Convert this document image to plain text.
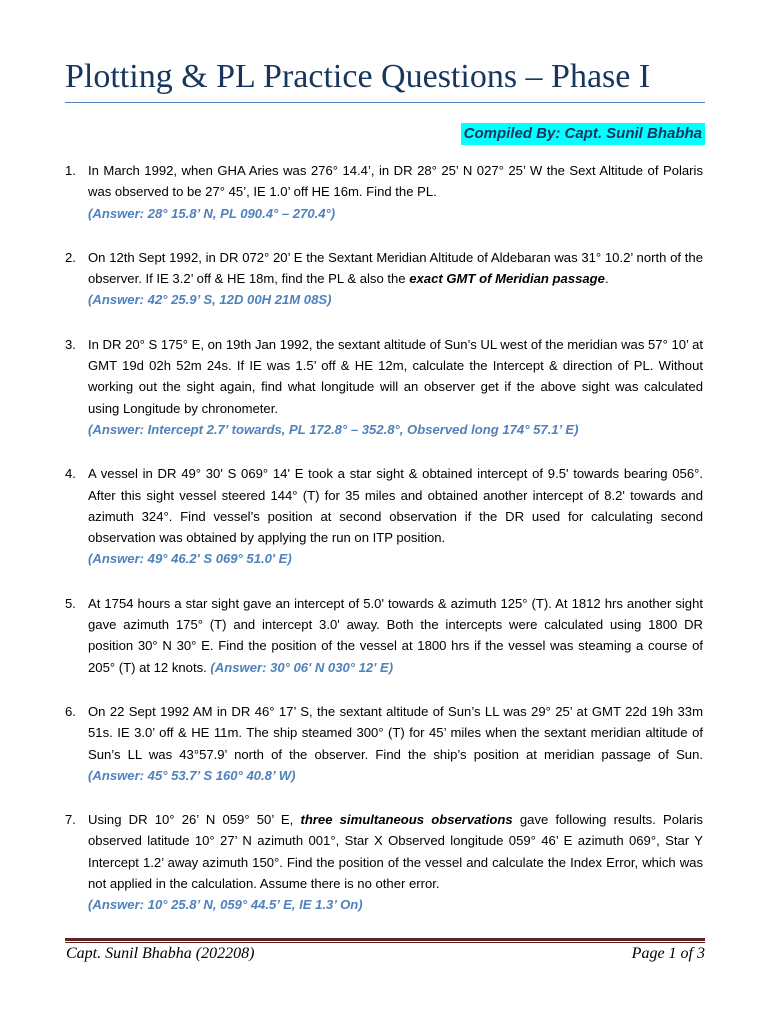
Plotting & PL Practice Questions – Phase I
Compiled By: Capt. Sunil Bhabha
1. In March 1992, when GHA Aries was 276° 14.4’, in DR 28° 25’ N 027° 25’ W the Sext Altitude of Polaris was observed to be 27° 45’, IE 1.0’ off HE 16m. Find the PL.
(Answer: 28° 15.8’ N, PL 090.4° – 270.4°)
2. On 12th Sept 1992, in DR 072° 20’ E the Sextant Meridian Altitude of Aldebaran was 31° 10.2’ north of the observer. If IE 3.2’ off & HE 18m, find the PL & also the exact GMT of Meridian passage.
(Answer: 42° 25.9’ S, 12D 00H 21M 08S)
3. In DR 20° S 175° E, on 19th Jan 1992, the sextant altitude of Sun’s UL west of the meridian was 57° 10’ at GMT 19d 02h 52m 24s. If IE was 1.5’ off & HE 12m, calculate the Intercept & direction of PL. Without working out the sight again, find what longitude will an observer get if the above sight was calculated using Longitude by chronometer.
(Answer: Intercept 2.7’ towards, PL 172.8° – 352.8°, Observed long 174° 57.1’ E)
4. A vessel in DR 49° 30' S 069° 14' E took a star sight & obtained intercept of 9.5' towards bearing 056°. After this sight vessel steered 144° (T) for 35 miles and obtained another intercept of 8.2' towards and azimuth 324°. Find vessel’s position at second observation if the DR used for calculating second observation was obtained by applying the run on ITP position.
(Answer: 49° 46.2' S 069° 51.0' E)
5. At 1754 hours a star sight gave an intercept of 5.0' towards & azimuth 125° (T). At 1812 hrs another sight gave azimuth 175° (T) and intercept 3.0' away. Both the intercepts were calculated using 1800 DR position 30° N 30° E. Find the position of the vessel at 1800 hrs if the vessel was steaming a course of 205° (T) at 12 knots. (Answer: 30° 06' N 030° 12' E)
6. On 22 Sept 1992 AM in DR 46° 17’ S, the sextant altitude of Sun’s LL was 29° 25’ at GMT 22d 19h 33m 51s. IE 3.0’ off & HE 11m. The ship steamed 300° (T) for 45’ miles when the sextant meridian altitude of Sun’s LL was 43°57.9’ north of the observer. Find the ship’s position at meridian passage of Sun. (Answer: 45° 53.7’ S 160° 40.8’ W)
7. Using DR 10° 26’ N 059° 50’ E, three simultaneous observations gave following results. Polaris observed latitude 10° 27’ N azimuth 001°, Star X Observed longitude 059° 46’ E azimuth 069°, Star Y Intercept 1.2’ away azimuth 150°. Find the position of the vessel and calculate the Index Error, which was not applied in the calculation. Assume there is no other error.
(Answer: 10° 25.8’ N, 059° 44.5’ E, IE 1.3’ On)
Capt. Sunil Bhabha (202208)	Page 1 of 3
